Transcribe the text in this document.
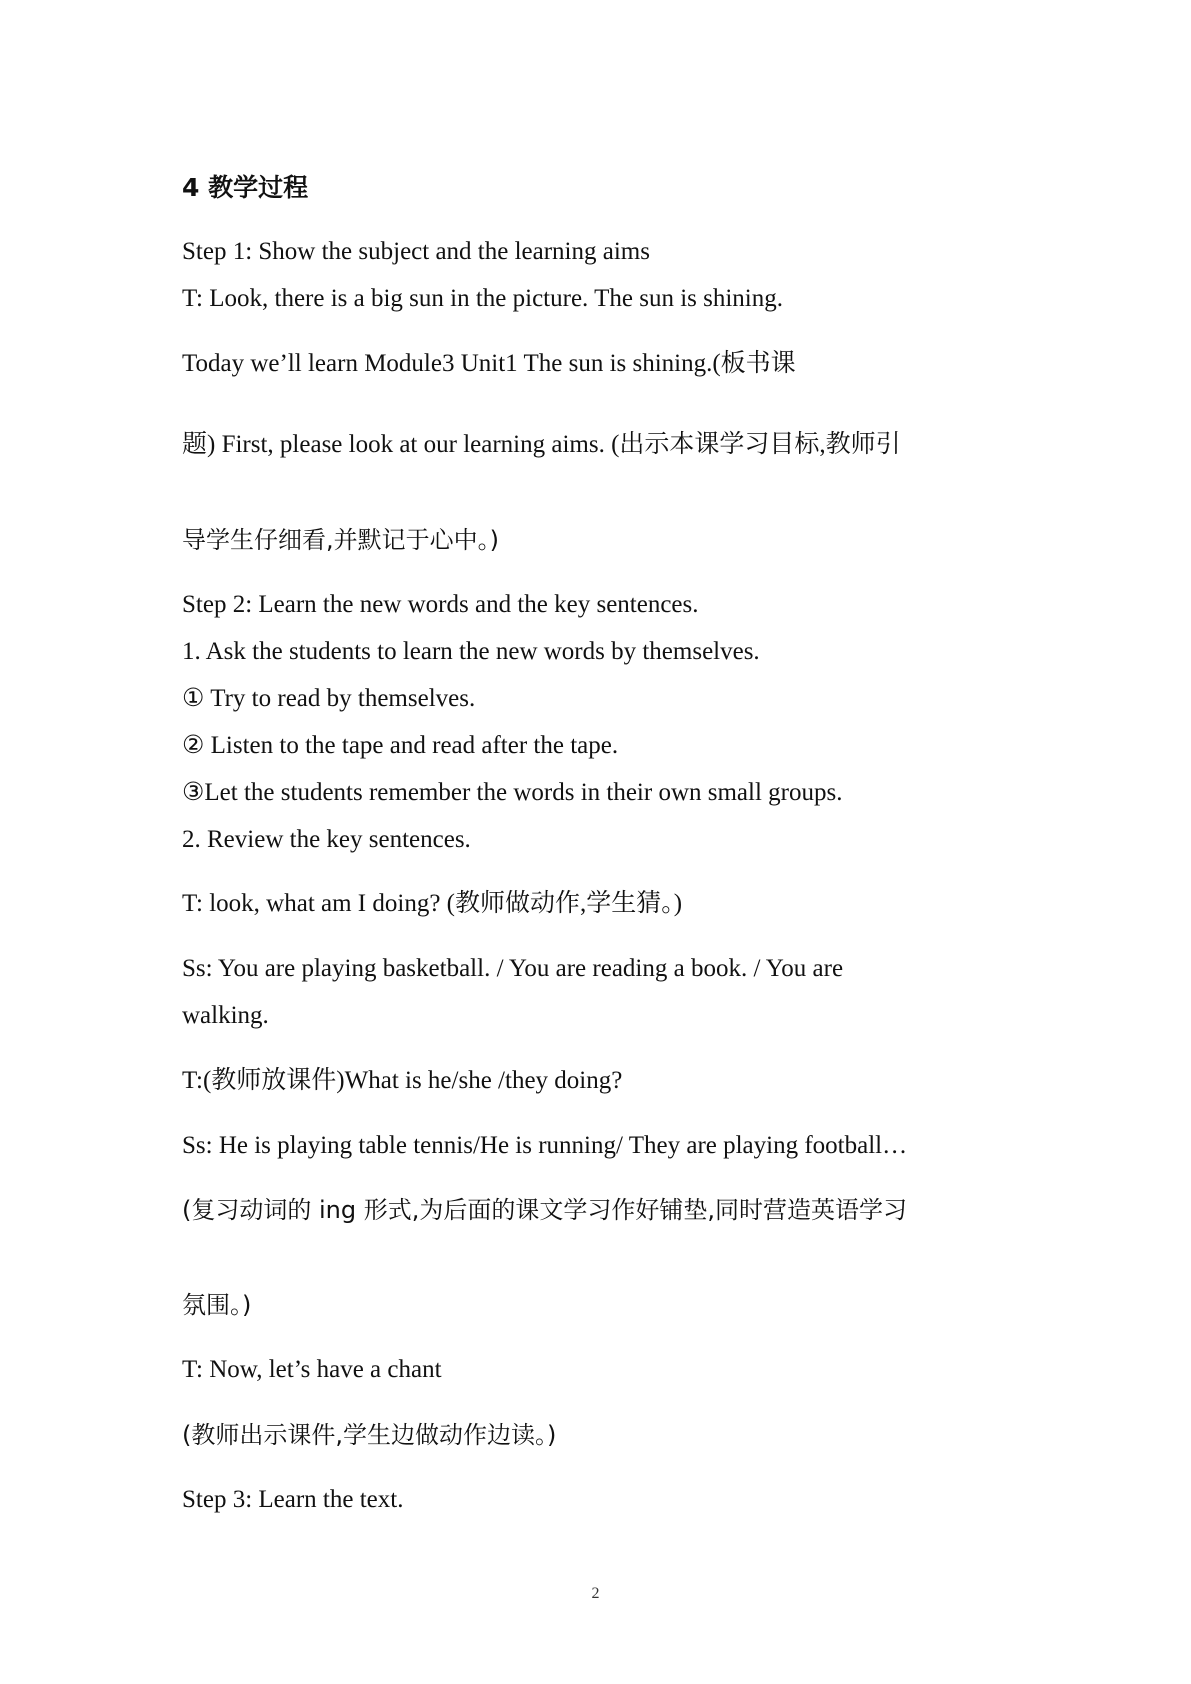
4 教学过程
Step 1: Show the subject and the learning aims
T: Look, there is a big sun in the picture. The sun is shining.
Today we’ll learn Module3 Unit1 The sun is shining.(板书课
题) First, please look at our learning aims. (出示本课学习目标,教师引
导学生仔细看,并默记于心中。)
Step 2: Learn the new words and the key sentences.
1. Ask the students to learn the new words by themselves.
① Try to read by themselves.
② Listen to the tape and read after the tape.
③Let the students remember the words in their own small groups.
2. Review the key sentences.
T: look, what am I doing? (教师做动作,学生猜。)
Ss: You are playing basketball. / You are reading a book. / You are
walking.
T:(教师放课件)What is he/she /they doing?
Ss: He is playing table tennis/He is running/ They are playing football…
(复习动词的 ing 形式,为后面的课文学习作好铺垫,同时营造英语学习
氛围。)
T: Now, let’s have a chant
(教师出示课件,学生边做动作边读。)
Step 3: Learn the text.
2
